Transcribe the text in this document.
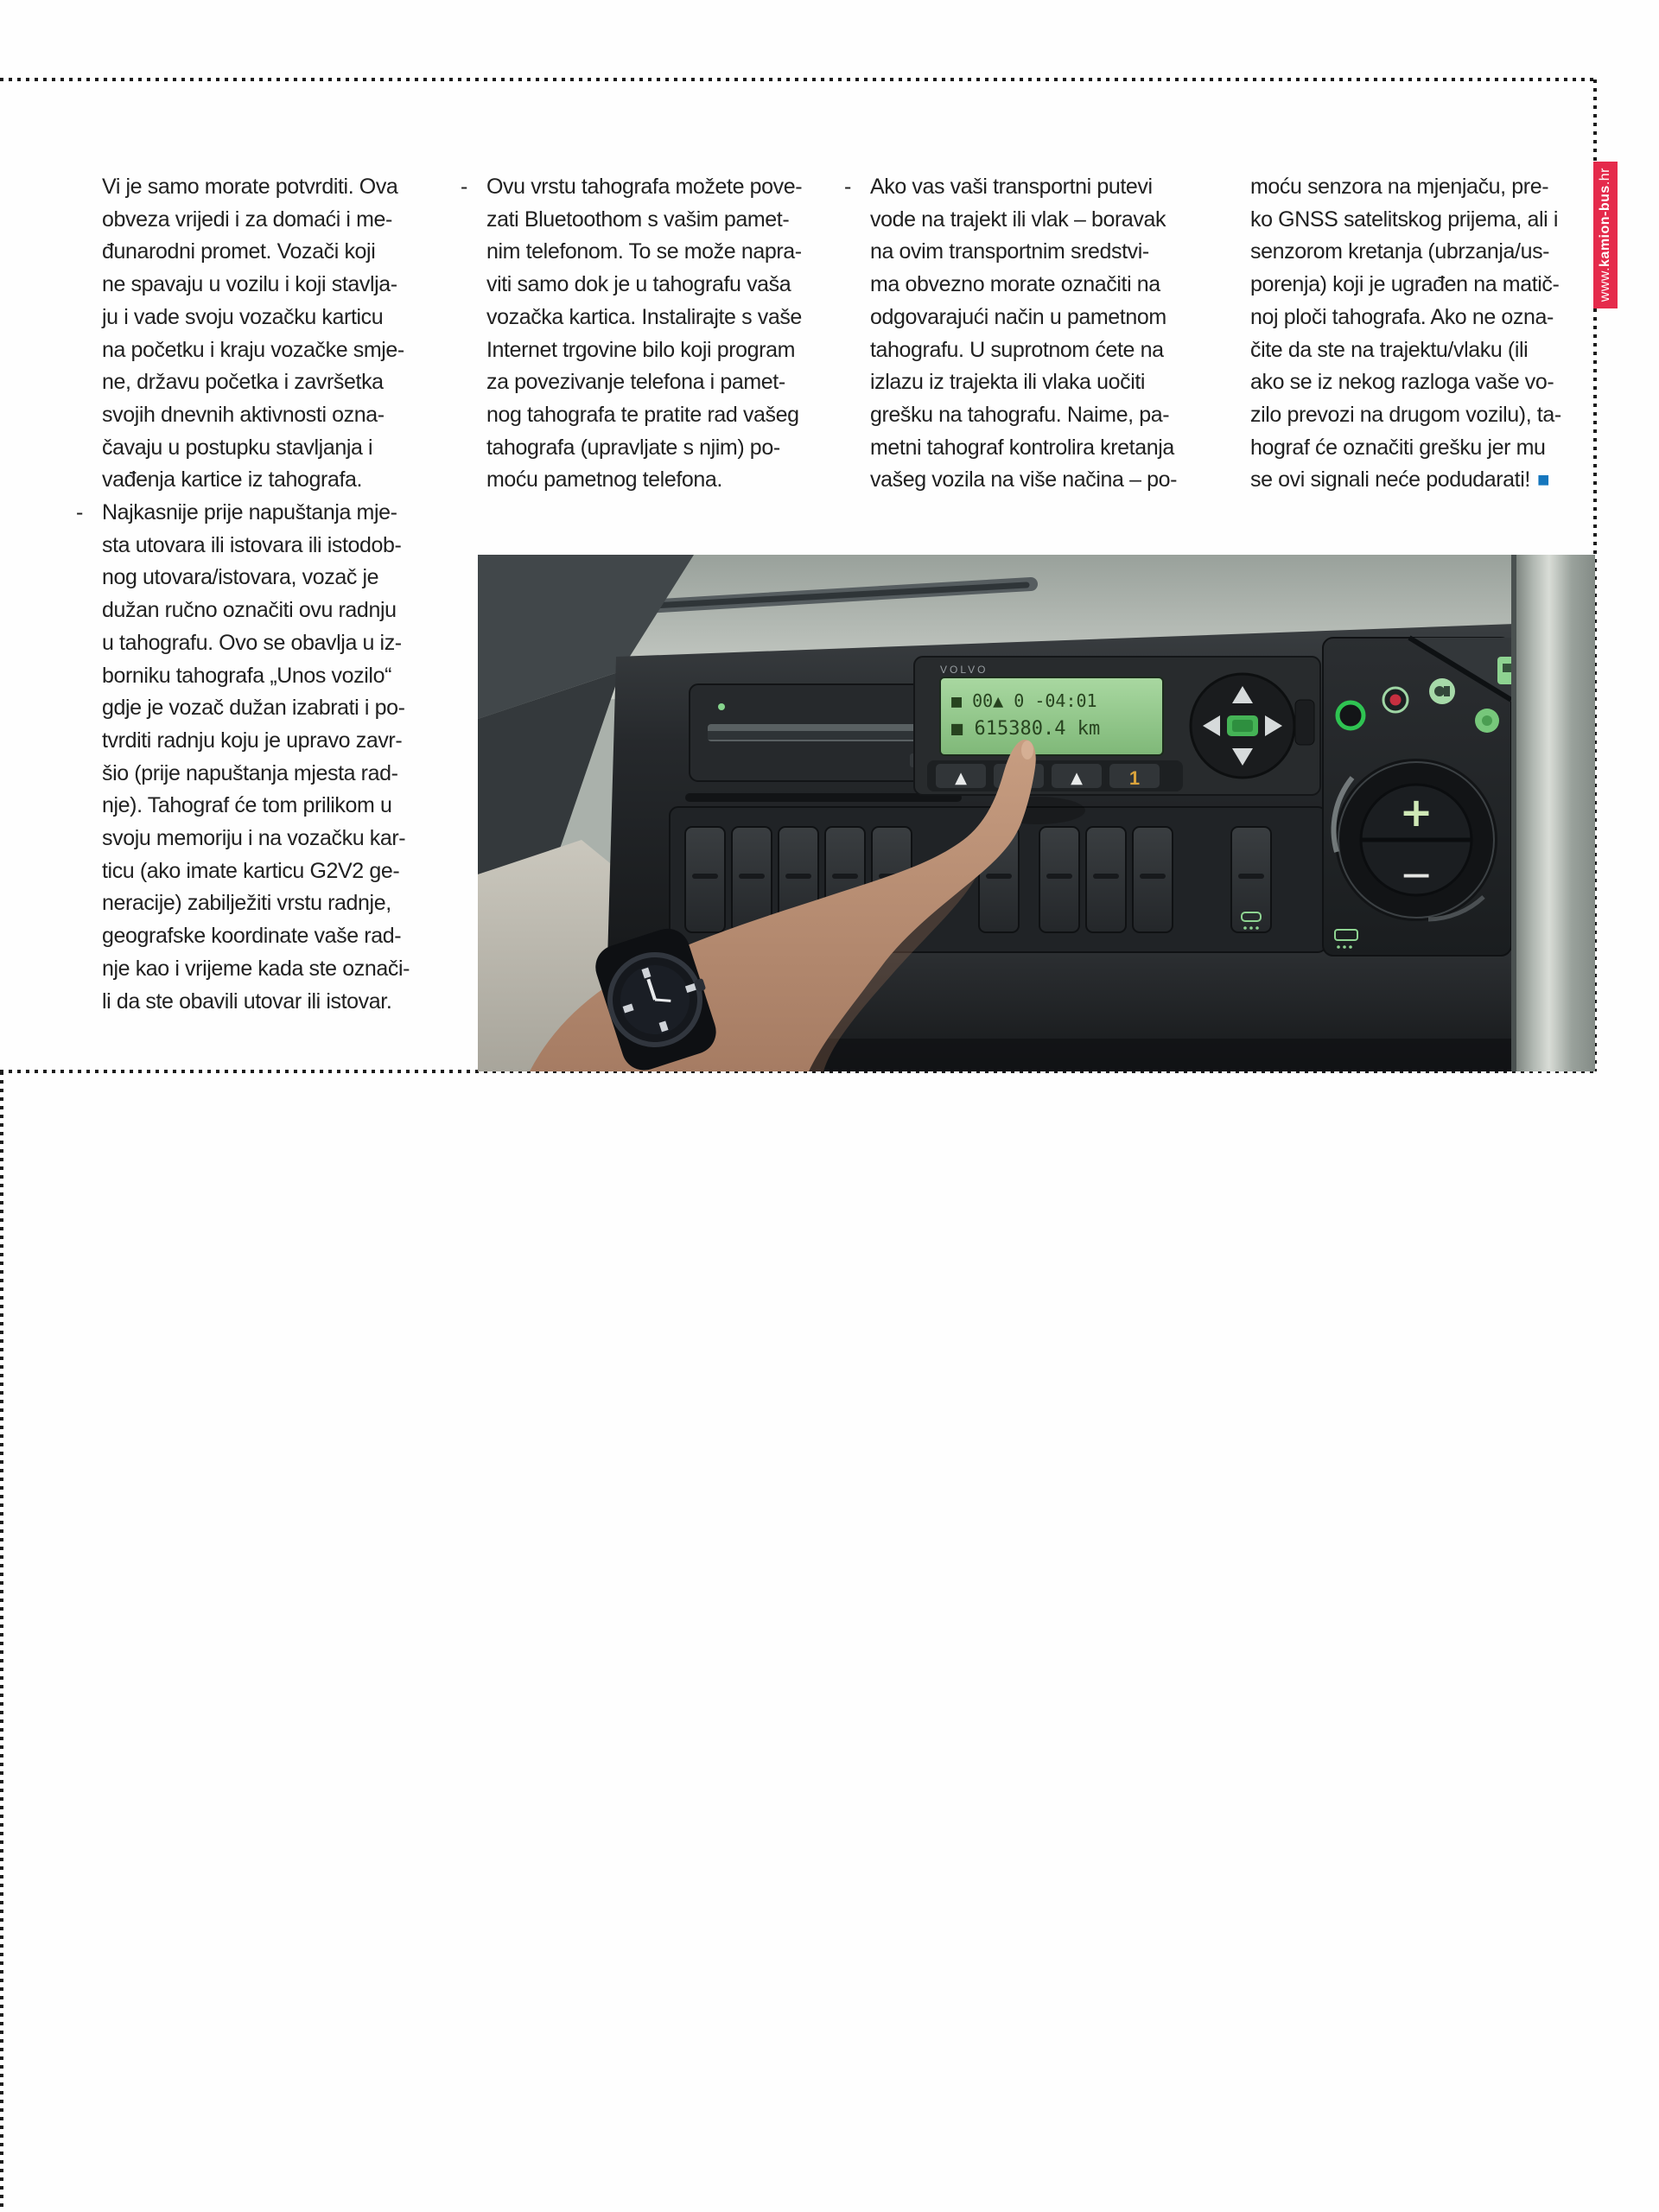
www.kamion-bus.hr
Vi je samo morate potvrditi. Ova
obveza vrijedi i za domaći i me-
đunarodni promet. Vozači koji
ne spavaju u vozilu i koji stavlja-
ju i vade svoju vozačku karticu
na početku i kraju vozačke smje-
ne, državu početka i završetka
svojih dnevnih aktivnosti ozna-
čavaju u postupku stavljanja i
vađenja kartice iz tahografa.
- Najkasnije prije napuštanja mje-
sta utovara ili istovara ili istodob-
nog utovara/istovara, vozač je
dužan ručno označiti ovu radnju
u tahografu. Ovo se obavlja u iz-
borniku tahografa „Unos vozilo“
gdje je vozač dužan izabrati i po-
tvrditi radnju koju je upravo zavr-
šio (prije napuštanja mjesta rad-
nje). Tahograf će tom prilikom u
svoju memoriju i na vozačku kar-
ticu (ako imate karticu G2V2 ge-
neracije) zabilježiti vrstu radnje,
geografske koordinate vaše rad-
nje kao i vrijeme kada ste označi-
li da ste obavili utovar ili istovar.
- Ovu vrstu tahografa možete pove-
zati Bluetoothom s vašim pamet-
nim telefonom. To se može napra-
viti samo dok je u tahografu vaša
vozačka kartica. Instalirajte s vaše
Internet trgovine bilo koji program
za povezivanje telefona i pamet-
nog tahografa te pratite rad vašeg
tahografa (upravljate s njim) po-
moću pametnog telefona.
- Ako vas vaši transportni putevi
vode na trajekt ili vlak – boravak
na ovim transportnim sredstvi-
ma obvezno morate označiti na
odgovarajući način u pametnom
tahografu. U suprotnom ćete na
izlazu iz trajekta ili vlaka uočiti
grešku na tahografu. Naime, pa-
metni tahograf kontrolira kretanja
vašeg vozila na više načina – po-
moću senzora na mjenjaču, pre-
ko GNSS satelitskog prijema, ali i
senzorom kretanja (ubrzanja/us-
porenja) koji je ugrađen na matič-
noj ploči tahografa. Ako ne ozna-
čite da ste na trajektu/vlaku (ili
ako se iz nekog razloga vaše vo-
zilo prevozi na drugom vozilu), ta-
hograf će označiti grešku jer mu
se ovi signali neće podudarati! ■
VOLVO
■ 00▲ 0 -04:01
■ 615380.4 km
▲	▲ 1
+
−
